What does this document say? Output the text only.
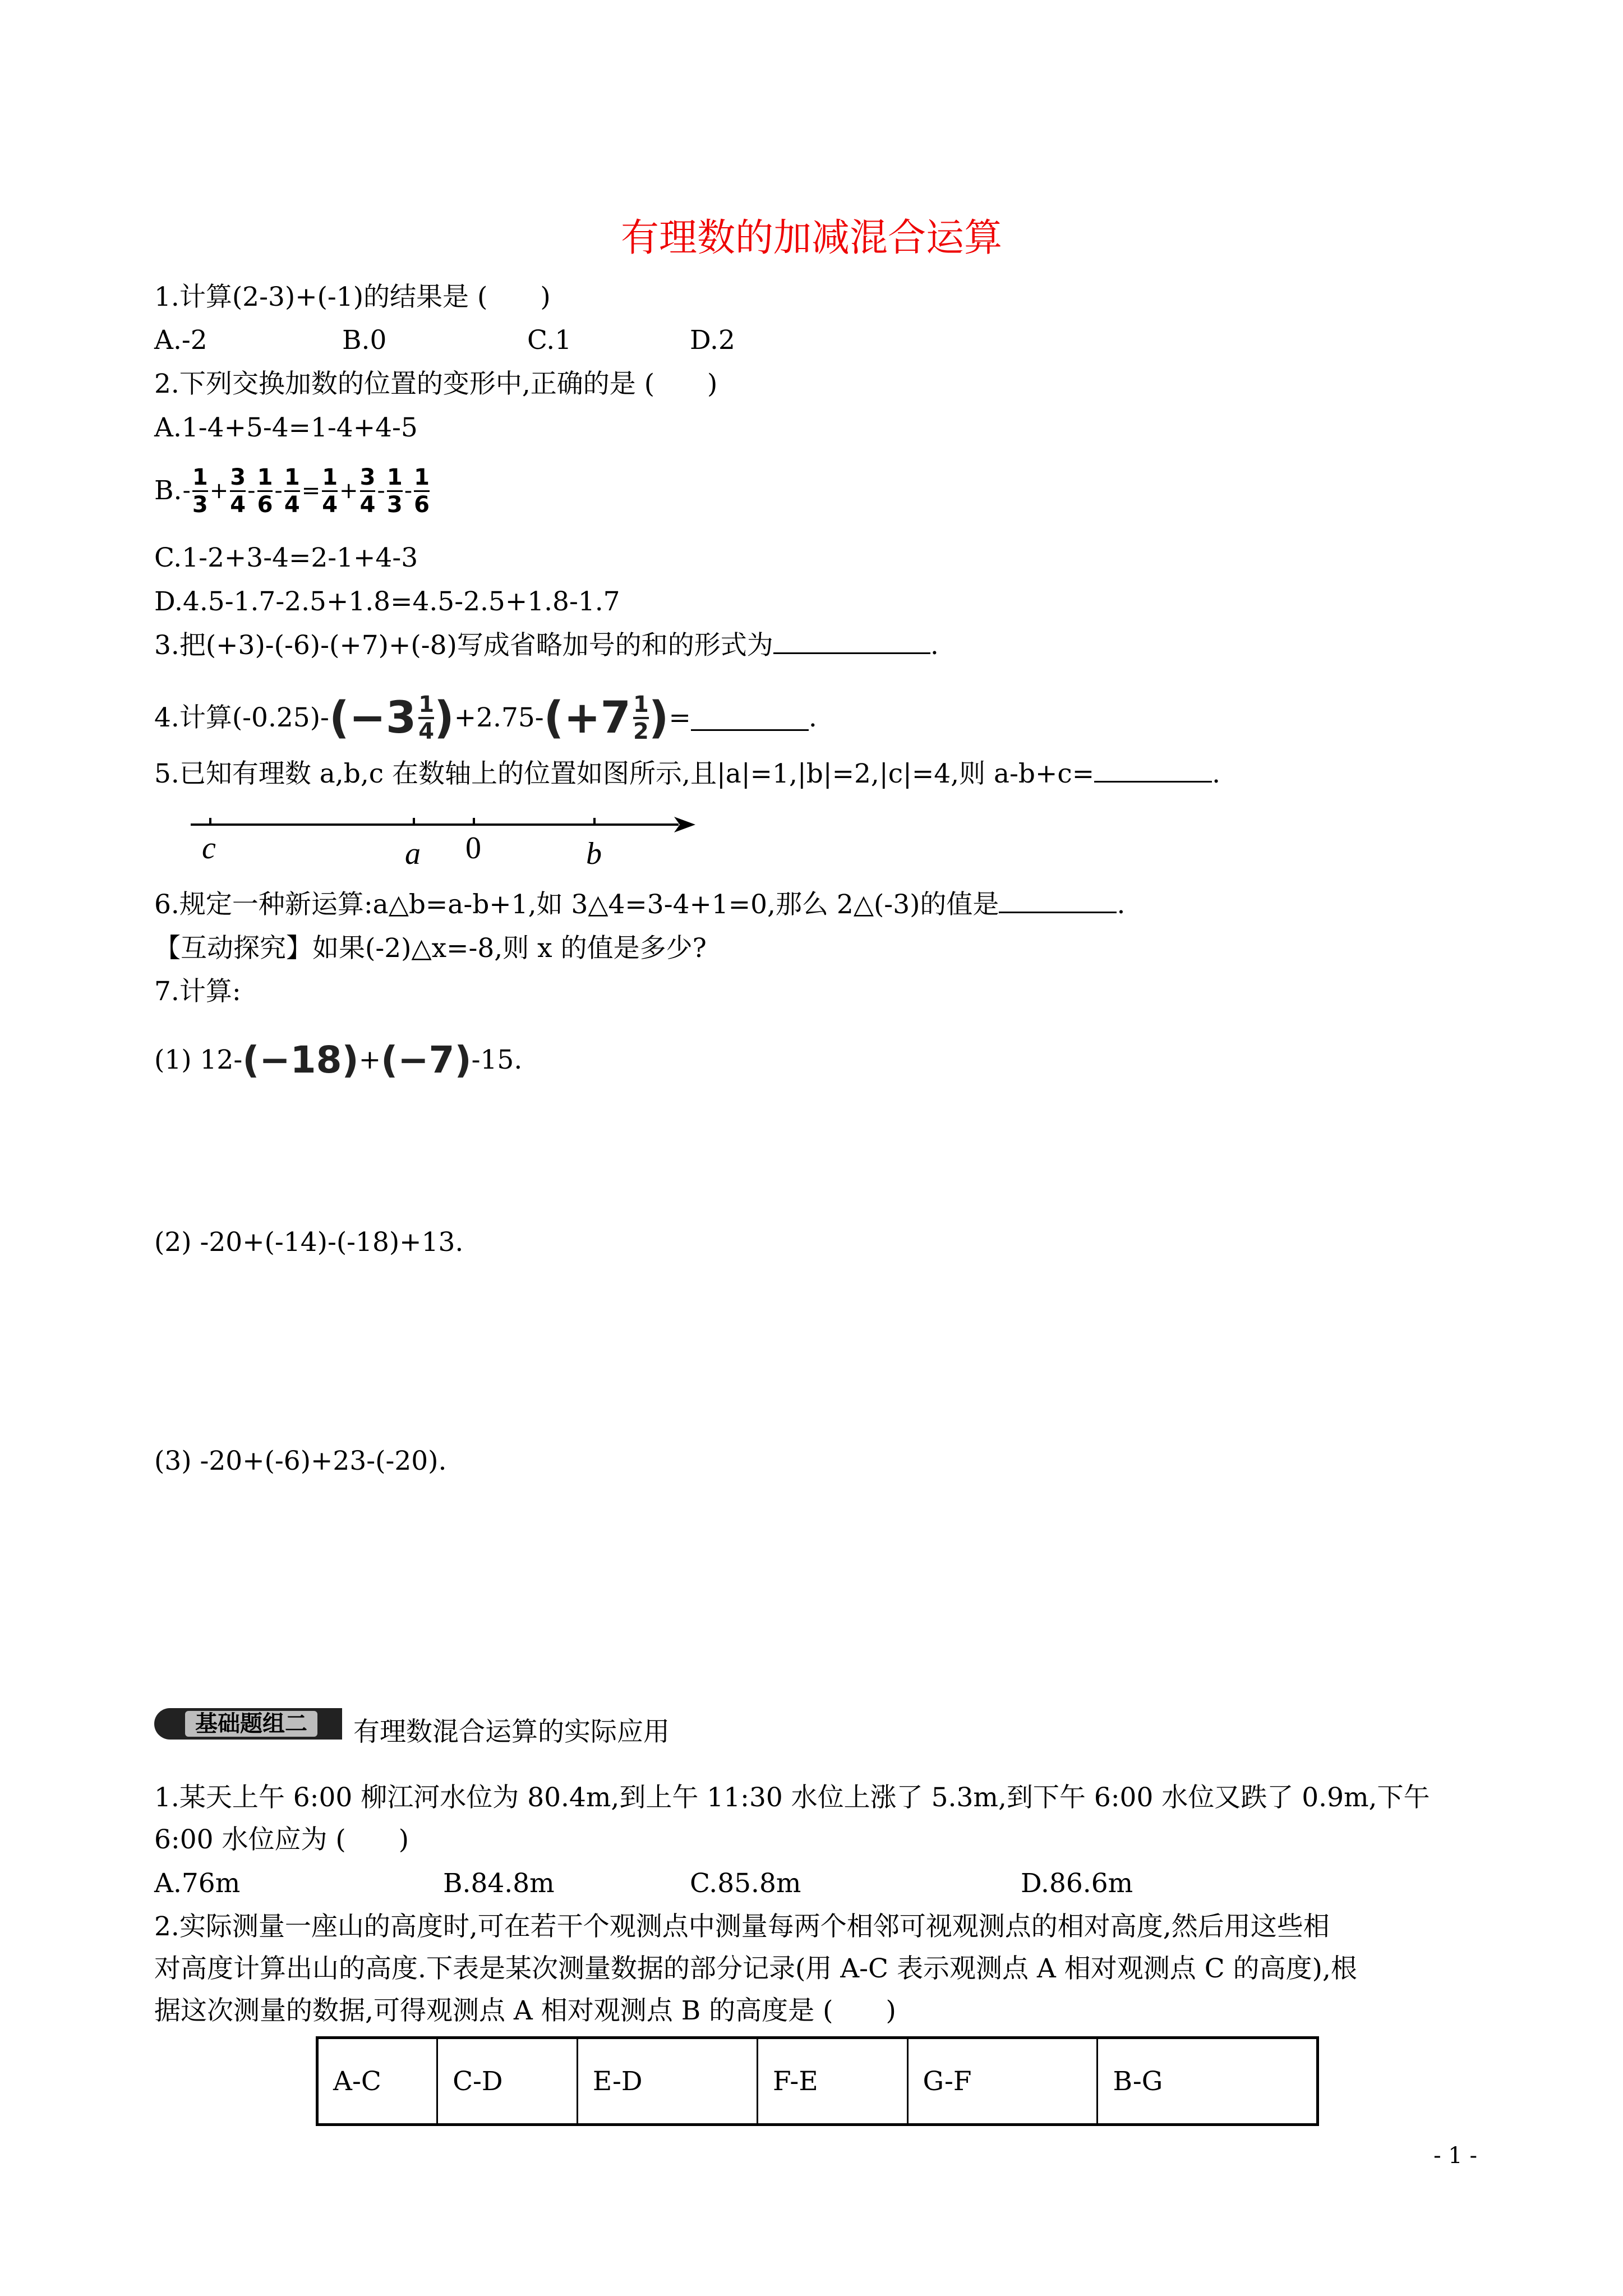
有理数的加减混合运算
1.计算(2-3)+(-1)的结果是 (　　)
A.-2	B.0	C.1	D.2
2.下列交换加数的位置的变形中,正确的是 (　　)
A.1-4+5-4=1-4+4-5
B. -
1
3
+
3
4
-
1
6
-
1
4
=
1
4
+
3
4
-
1
3
-
1
6
C.1-2+3-4=2-1+4-3
D.4.5-1.7-2.5+1.8=4.5-2.5+1.8-1.7
3.把(+3)-(-6)-(+7)+(-8)写成省略加号的和的形式为	.
4.计算(-0.25)- ( −3 1
4 ) +2.75- ( +7 1
2 ) =	.
5.已知有理数 a,b,c 在数轴上的位置如图所示,且|a|=1,|b|=2,|c|=4,则 a-b+c=	.
c	a 0	b
6.规定一种新运算:a△b=a-b+1,如 3△4=3-4+1=0,那么 2△(-3)的值是	.
【互动探究】如果(-2)△x=-8,则 x 的值是多少?
7.计算:
(1) 12- (−18) + (−7) -15.
(2) -20+(-14)-(-18)+13.
(3) -20+(-6)+23-(-20).
基础题组二	有理数混合运算的实际应用
1.某天上午 6:00 柳江河水位为 80.4m,到上午 11:30 水位上涨了 5.3m,到下午 6:00 水位又跌了 0.9m,下午
6:00 水位应为 (　　)
A.76m	B.84.8m	C.85.8m	D.86.6m
2.实际测量一座山的高度时,可在若干个观测点中测量每两个相邻可视观测点的相对高度,然后用这些相
对高度计算出山的高度.下表是某次测量数据的部分记录(用 A-C 表示观测点 A 相对观测点 C 的高度),根
据这次测量的数据,可得观测点 A 相对观测点 B 的高度是 (　　)
A-C	C-D	E-D	F-E	G-F	B-G
- 1 -
